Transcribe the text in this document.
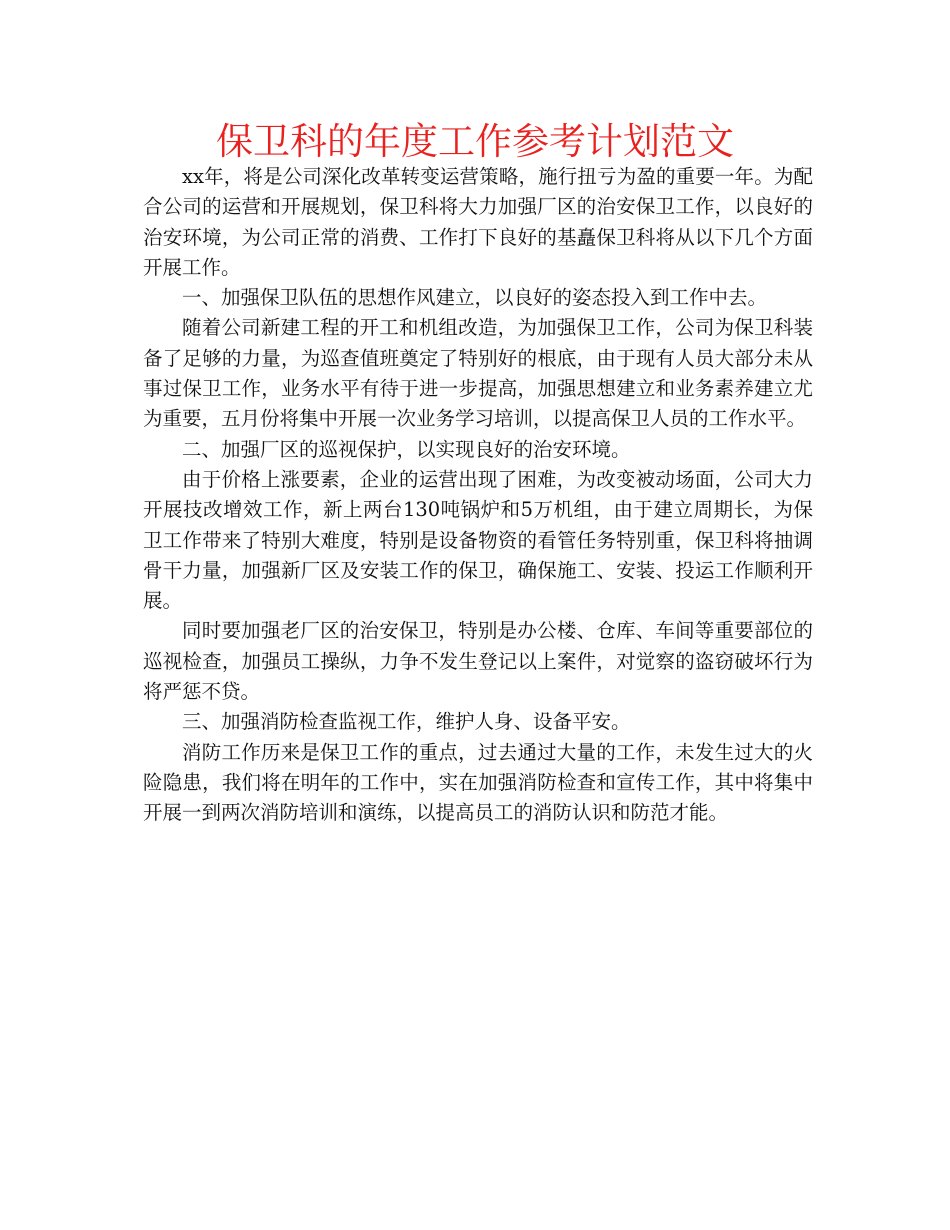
保卫科的年度工作参考计划范文

xx年，将是公司深化改革转变运营策略，施行扭亏为盈的重要一年。为配合公司的运营和开展规划，保卫科将大力加强厂区的治安保卫工作，以良好的治安环境，为公司正常的消费、工作打下良好的基矗保卫科将从以下几个方面开展工作。

一、加强保卫队伍的思想作风建立，以良好的姿态投入到工作中去。

随着公司新建工程的开工和机组改造，为加强保卫工作，公司为保卫科装备了足够的力量，为巡查值班奠定了特别好的根底，由于现有人员大部分未从事过保卫工作，业务水平有待于进一步提高，加强思想建立和业务素养建立尤为重要，五月份将集中开展一次业务学习培训，以提高保卫人员的工作水平。

二、加强厂区的巡视保护，以实现良好的治安环境。

由于价格上涨要素，企业的运营出现了困难，为改变被动场面，公司大力开展技改增效工作，新上两台130吨锅炉和5万机组，由于建立周期长，为保卫工作带来了特别大难度，特别是设备物资的看管任务特别重，保卫科将抽调骨干力量，加强新厂区及安装工作的保卫，确保施工、安装、投运工作顺利开展。

同时要加强老厂区的治安保卫，特别是办公楼、仓库、车间等重要部位的巡视检查，加强员工操纵，力争不发生登记以上案件，对觉察的盗窃破坏行为将严惩不贷。

三、加强消防检查监视工作，维护人身、设备平安。

消防工作历来是保卫工作的重点，过去通过大量的工作，未发生过大的火险隐患，我们将在明年的工作中，实在加强消防检查和宣传工作，其中将集中开展一到两次消防培训和演练，以提高员工的消防认识和防范才能。
